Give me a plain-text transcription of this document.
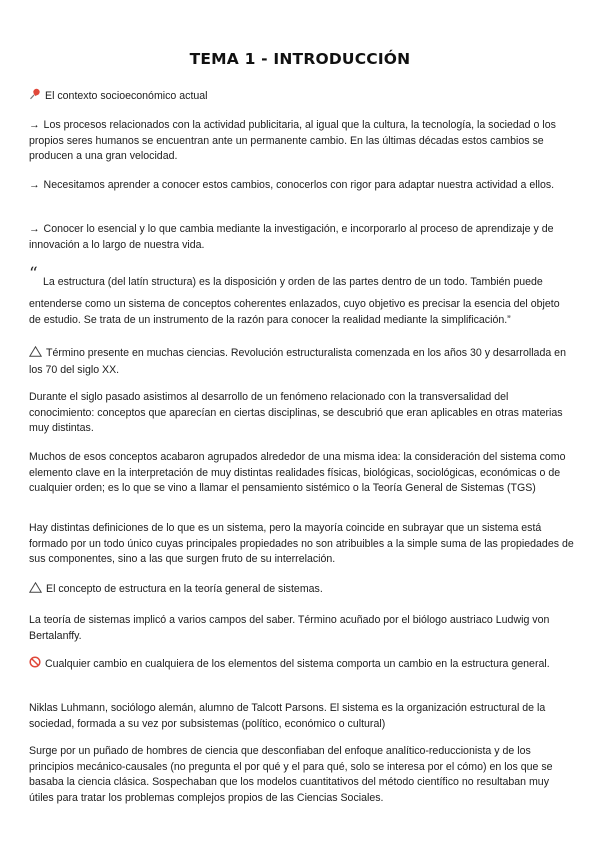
TEMA 1 - INTRODUCCIÓN

El contexto socioeconómico actual

→ Los procesos relacionados con la actividad publicitaria, al igual que la cultura, la tecnología, la sociedad o los propios seres humanos se encuentran ante un permanente cambio. En las últimas décadas estos cambios se producen a una gran velocidad.

→ Necesitamos aprender a conocer estos cambios, conocerlos con rigor para adaptar nuestra actividad a ellos.

→ Conocer lo esencial y lo que cambia mediante la investigación, e incorporarlo al proceso de aprendizaje y de innovación a lo largo de nuestra vida.

“ La estructura (del latín structura) es la disposición y orden de las partes dentro de un todo. También puede

entenderse como un sistema de conceptos coherentes enlazados, cuyo objetivo es precisar la esencia del objeto de estudio. Se trata de un instrumento de la razón para conocer la realidad mediante la simplificación.”

Término presente en muchas ciencias. Revolución estructuralista comenzada en los años 30 y desarrollada en los 70 del siglo XX.

Durante el siglo pasado asistimos al desarrollo de un fenómeno relacionado con la transversalidad del conocimiento: conceptos que aparecían en ciertas disciplinas, se descubrió que eran aplicables en otras materias muy distintas.

Muchos de esos conceptos acabaron agrupados alrededor de una misma idea: la consideración del sistema como elemento clave en la interpretación de muy distintas realidades físicas, biológicas, sociológicas, económicas o de cualquier orden; es lo que se vino a llamar el pensamiento sistémico o la Teoría General de Sistemas (TGS)

Hay distintas definiciones de lo que es un sistema, pero la mayoría coincide en subrayar que un sistema está formado por un todo único cuyas principales propiedades no son atribuibles a la simple suma de las propiedades de sus componentes, sino a las que surgen fruto de su interrelación.

El concepto de estructura en la teoría general de sistemas.

La teoría de sistemas implicó a varios campos del saber. Término acuñado por el biólogo austriaco Ludwig von Bertalanffy.

Cualquier cambio en cualquiera de los elementos del sistema comporta un cambio en la estructura general.

Niklas Luhmann, sociólogo alemán, alumno de Talcott Parsons. El sistema es la organización estructural de la sociedad, formada a su vez por subsistemas (político, económico o cultural)

Surge por un puñado de hombres de ciencia que desconfiaban del enfoque analítico-reduccionista y de los principios mecánico-causales (no pregunta el por qué y el para qué, solo se interesa por el cómo) en los que se basaba la ciencia clásica. Sospechaban que los modelos cuantitativos del método científico no resultaban muy útiles para tratar los problemas complejos propios de las Ciencias Sociales.
